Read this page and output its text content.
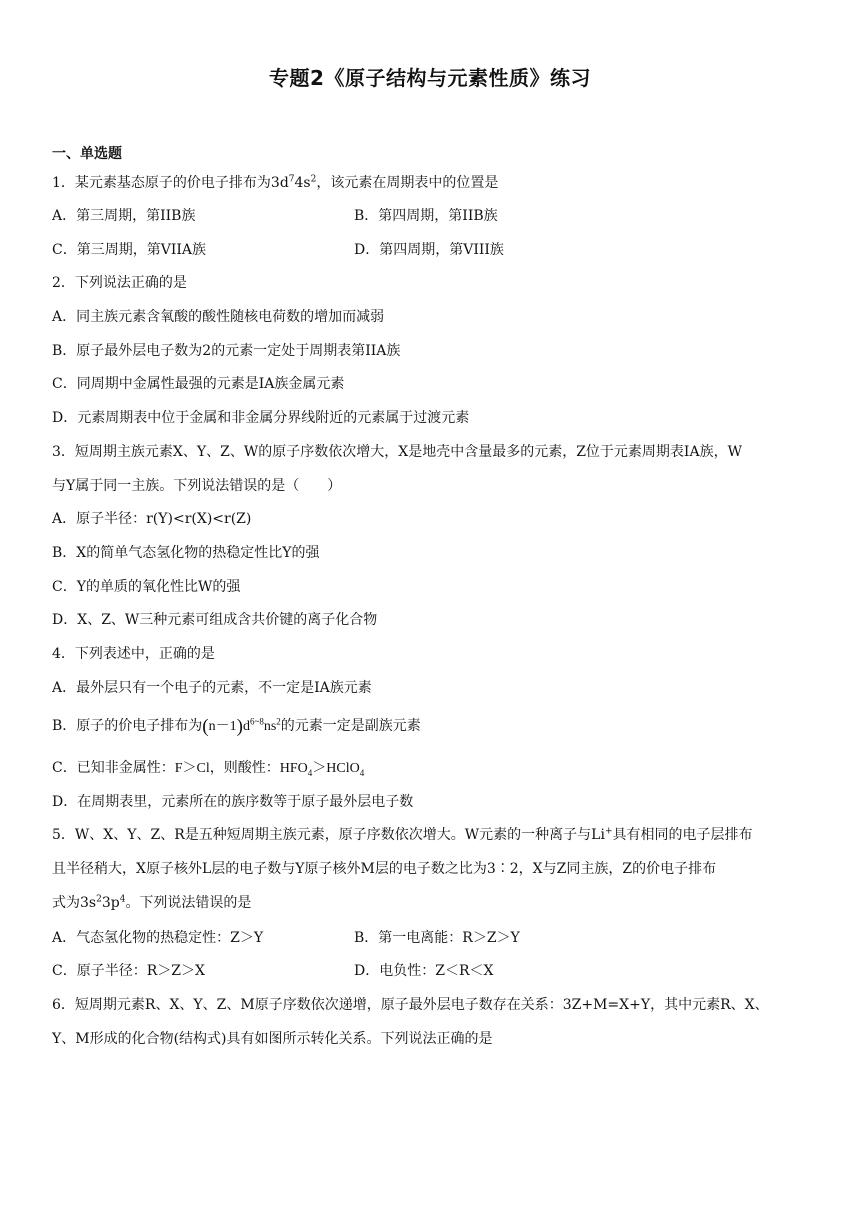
专题2《原子结构与元素性质》练习
一、单选题
1．某元素基态原子的价电子排布为$3d^74s^2$，该元素在周期表中的位置是
A．第三周期，第IIB族	B．第四周期，第IIB族
C．第三周期，第VIIA族	D．第四周期，第VIII族
2．下列说法正确的是
A．同主族元素含氧酸的酸性随核电荷数的增加而减弱
B．原子最外层电子数为2的元素一定处于周期表第IIA族
C．同周期中金属性最强的元素是IA族金属元素
D．元素周期表中位于金属和非金属分界线附近的元素属于过渡元素
3．短周期主族元素X、Y、Z、W的原子序数依次增大，X是地壳中含量最多的元素，Z位于元素周期表IA族，W
与Y属于同一主族。下列说法错误的是（　　）
A．原子半径：r(Y)<r(X)<r(Z)
B．X的简单气态氢化物的热稳定性比Y的强
C．Y的单质的氧化性比W的强
D．X、Z、W三种元素可组成含共价键的离子化合物
4．下列表述中，正确的是
A．最外层只有一个电子的元素，不一定是IA族元素
B．原子的价电子排布为$(n-1)d^{6\sim 8}ns^2$的元素一定是副族元素
C．已知非金属性：F＞Cl，则酸性：$HFO_4>HClO_4$
D．在周期表里，元素所在的族序数等于原子最外层电子数
5．W、X、Y、Z、R是五种短周期主族元素，原子序数依次增大。W元素的一种离子与Li+具有相同的电子层排布
且半径稍大，X原子核外L层的电子数与Y原子核外M层的电子数之比为3∶2，X与Z同主族，Z的价电子排布
式为$3s^23p^4$。下列说法错误的是
A．气态氢化物的热稳定性：Z＞Y	B．第一电离能：R＞Z＞Y
C．原子半径：R＞Z＞X	D．电负性：Z＜R＜X
6．短周期元素R、X、Y、Z、M原子序数依次递增，原子最外层电子数存在关系：3Z+M=X+Y，其中元素R、X、
Y、M形成的化合物(结构式)具有如图所示转化关系。下列说法正确的是
